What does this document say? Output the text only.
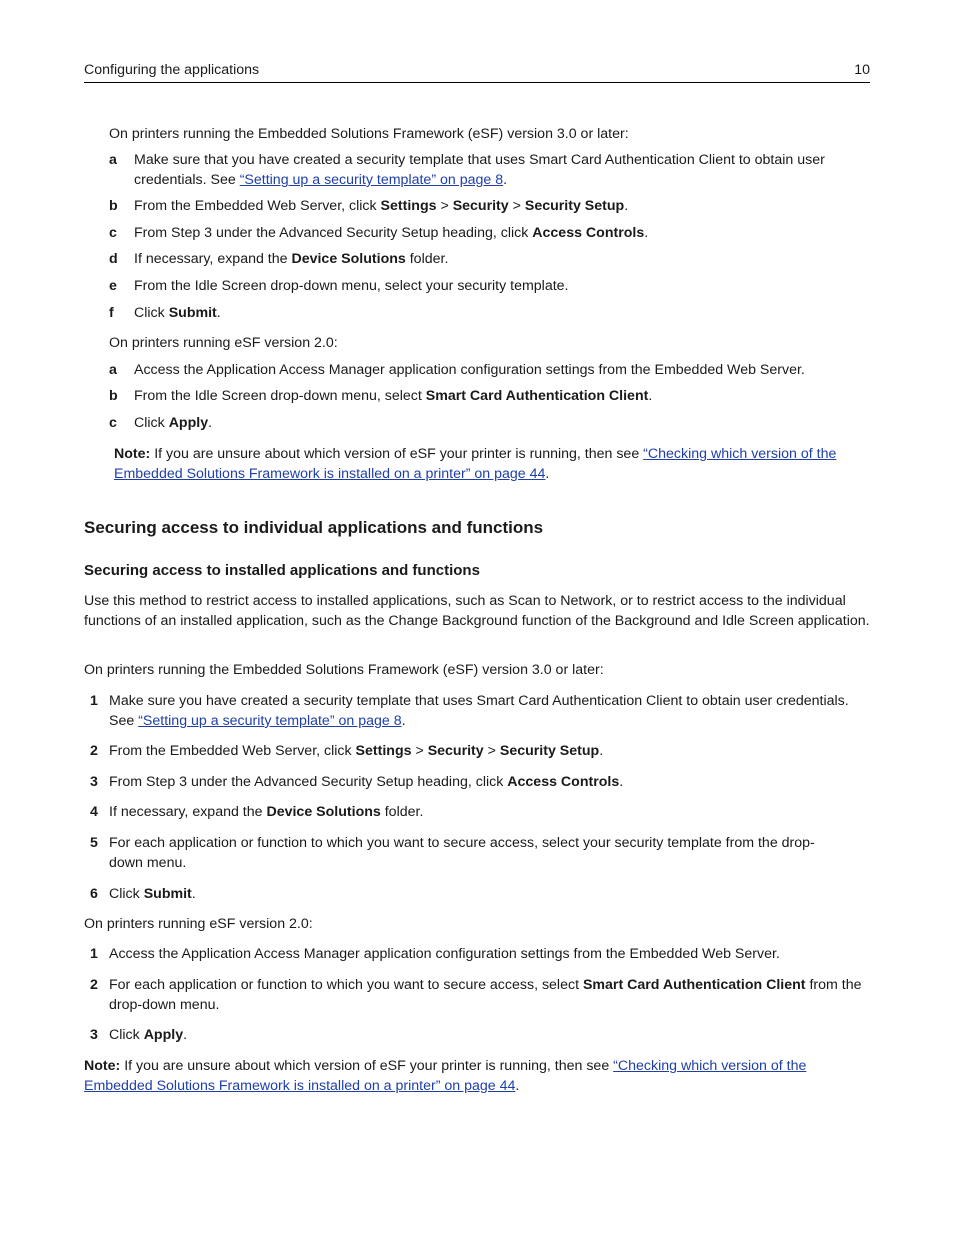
Configuring the applications	10
On printers running the Embedded Solutions Framework (eSF) version 3.0 or later:
a Make sure that you have created a security template that uses Smart Card Authentication Client to obtain user credentials. See “Setting up a security template” on page 8.
b From the Embedded Web Server, click Settings > Security > Security Setup.
c From Step 3 under the Advanced Security Setup heading, click Access Controls.
d If necessary, expand the Device Solutions folder.
e From the Idle Screen drop-down menu, select your security template.
f Click Submit.
On printers running eSF version 2.0:
a Access the Application Access Manager application configuration settings from the Embedded Web Server.
b From the Idle Screen drop-down menu, select Smart Card Authentication Client.
c Click Apply.
Note: If you are unsure about which version of eSF your printer is running, then see “Checking which version of the Embedded Solutions Framework is installed on a printer” on page 44.
Securing access to individual applications and functions
Securing access to installed applications and functions
Use this method to restrict access to installed applications, such as Scan to Network, or to restrict access to the individual functions of an installed application, such as the Change Background function of the Background and Idle Screen application.
On printers running the Embedded Solutions Framework (eSF) version 3.0 or later:
1 Make sure you have created a security template that uses Smart Card Authentication Client to obtain user credentials. See “Setting up a security template” on page 8.
2 From the Embedded Web Server, click Settings > Security > Security Setup.
3 From Step 3 under the Advanced Security Setup heading, click Access Controls.
4 If necessary, expand the Device Solutions folder.
5 For each application or function to which you want to secure access, select your security template from the drop-down menu.
6 Click Submit.
On printers running eSF version 2.0:
1 Access the Application Access Manager application configuration settings from the Embedded Web Server.
2 For each application or function to which you want to secure access, select Smart Card Authentication Client from the drop-down menu.
3 Click Apply.
Note: If you are unsure about which version of eSF your printer is running, then see “Checking which version of the Embedded Solutions Framework is installed on a printer” on page 44.
